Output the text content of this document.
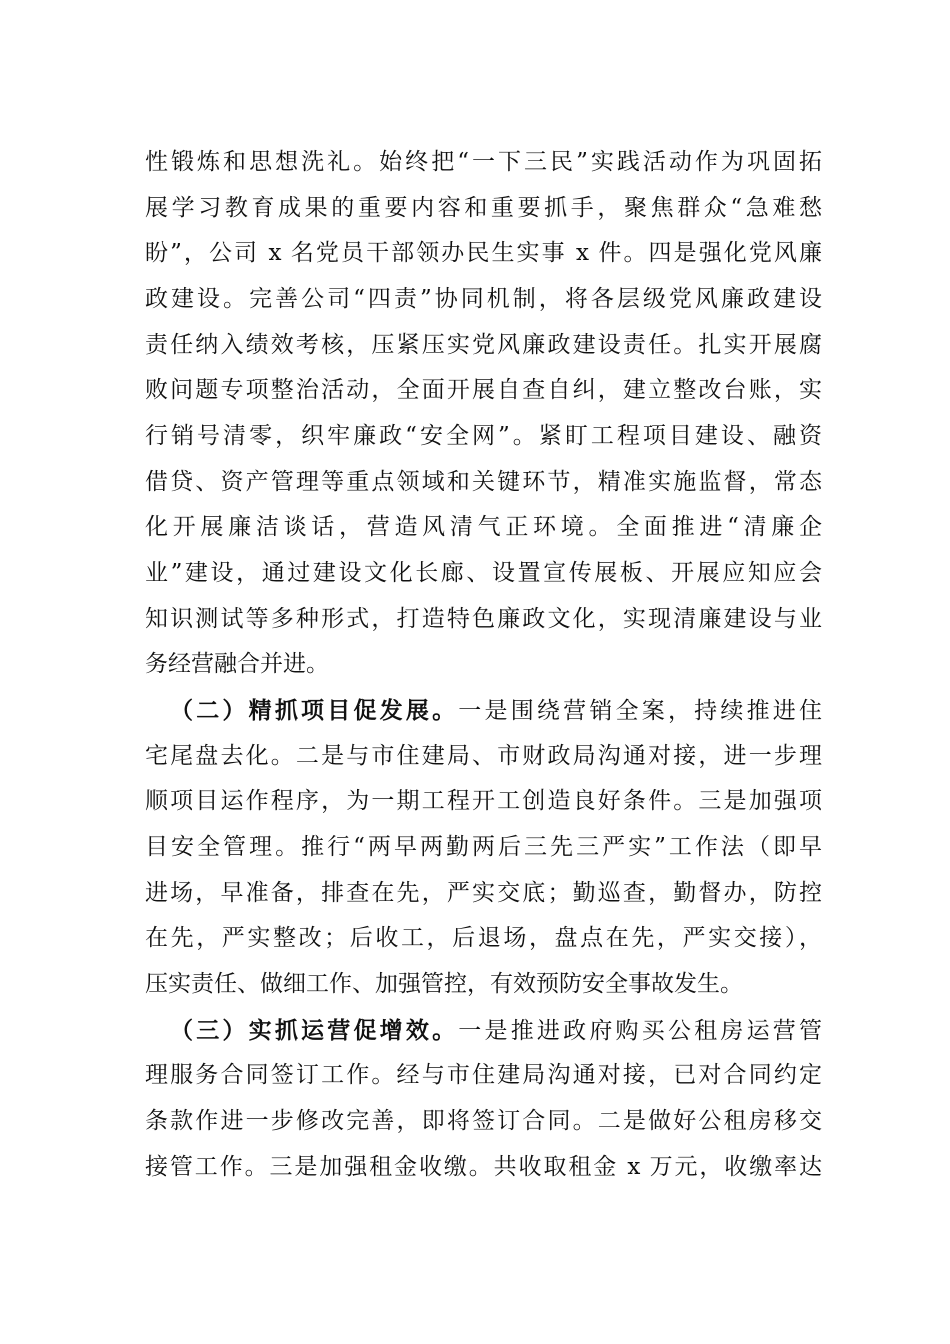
性锻炼和思想洗礼。始终把“一下三民”实践活动作为巩固拓
展学习教育成果的重要内容和重要抓手，聚焦群众“急难愁
盼”，公司 x 名党员干部领办民生实事 x 件。四是强化党风廉
政建设。完善公司“四责”协同机制，将各层级党风廉政建设
责任纳入绩效考核，压紧压实党风廉政建设责任。扎实开展腐
败问题专项整治活动，全面开展自查自纠，建立整改台账，实
行销号清零，织牢廉政“安全网”。紧盯工程项目建设、融资
借贷、资产管理等重点领域和关键环节，精准实施监督，常态
化开展廉洁谈话，营造风清气正环境。全面推进“清廉企
业”建设，通过建设文化长廊、设置宣传展板、开展应知应会
知识测试等多种形式，打造特色廉政文化，实现清廉建设与业
务经营融合并进。
（二）精抓项目促发展。一是围绕营销全案，持续推进住
宅尾盘去化。二是与市住建局、市财政局沟通对接，进一步理
顺项目运作程序，为一期工程开工创造良好条件。三是加强项
目安全管理。推行“两早两勤两后三先三严实”工作法（即早
进场，早准备，排查在先，严实交底；勤巡查，勤督办，防控
在先，严实整改；后收工，后退场，盘点在先，严实交接），
压实责任、做细工作、加强管控，有效预防安全事故发生。
（三）实抓运营促增效。一是推进政府购买公租房运营管
理服务合同签订工作。经与市住建局沟通对接，已对合同约定
条款作进一步修改完善，即将签订合同。二是做好公租房移交
接管工作。三是加强租金收缴。共收取租金 x 万元，收缴率达
